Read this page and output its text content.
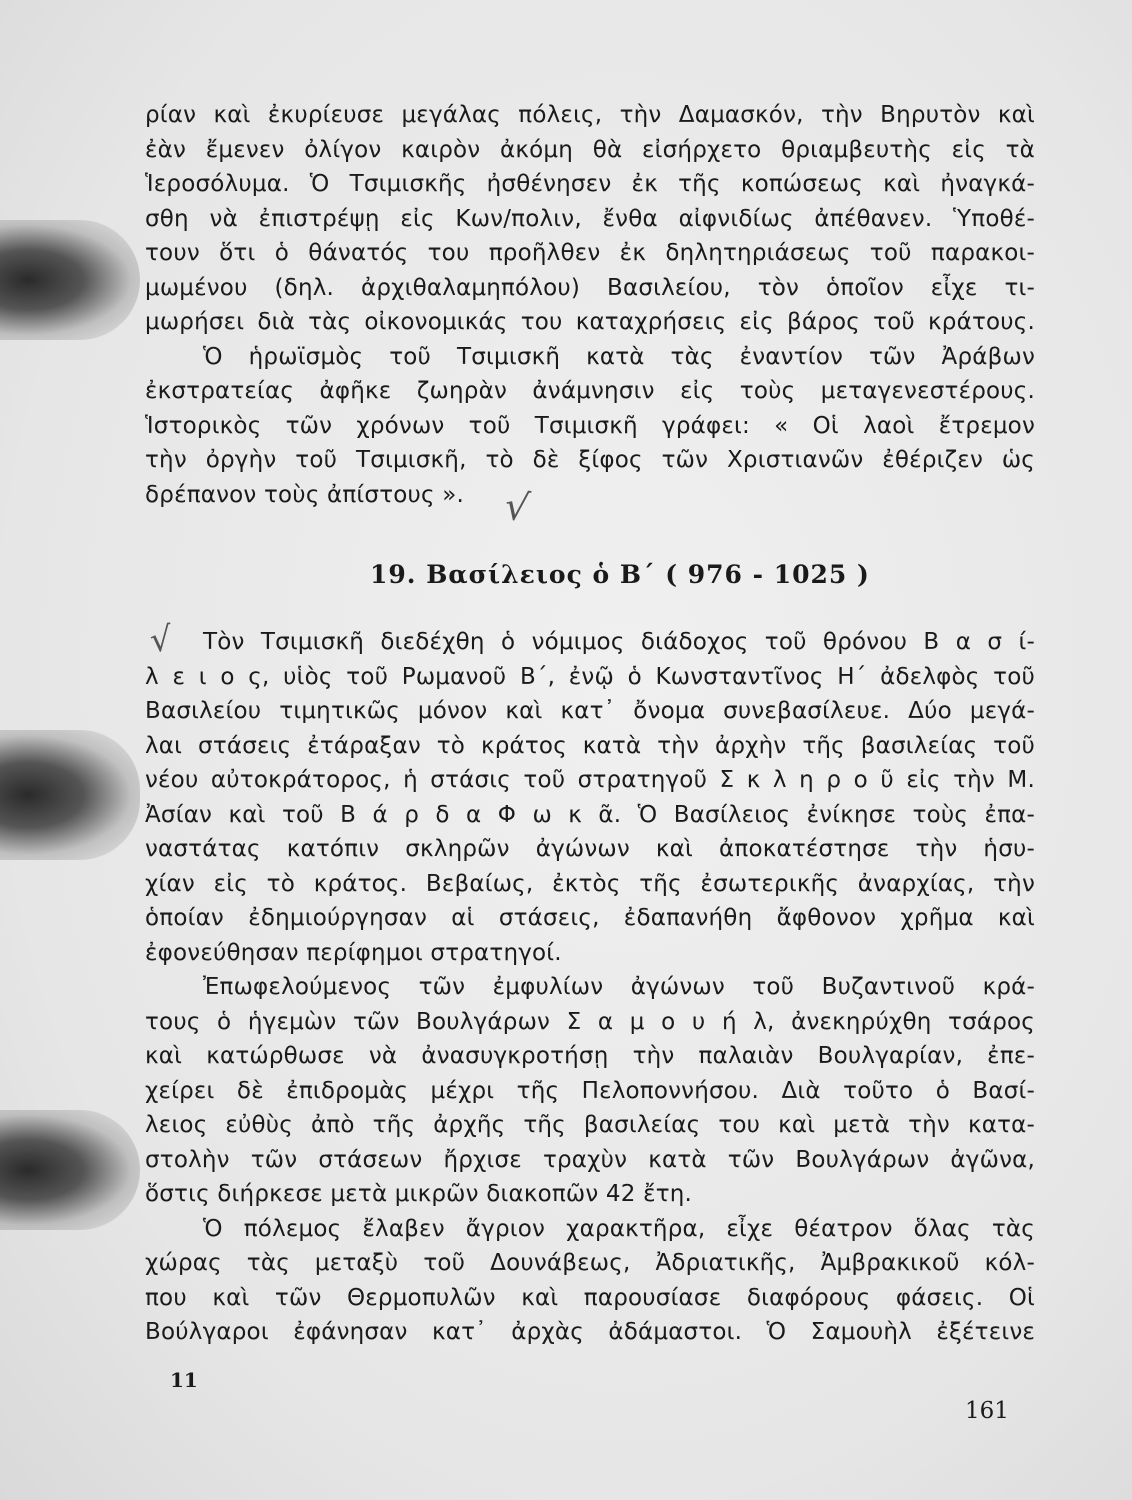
ρίαν καὶ ἐκυρίευσε μεγάλας πόλεις, τὴν Δαμασκόν, τὴν Βηρυτὸν καὶ
ἐὰν ἔμενεν ὀλίγον καιρὸν ἀκόμη θὰ εἰσήρχετο θριαμβευτὴς εἰς τὰ
Ἱεροσόλυμα. Ὁ Τσιμισκῆς ἠσθένησεν ἐκ τῆς κοπώσεως καὶ ἠναγκά-
σθη νὰ ἐπιστρέψῃ εἰς Κων/πολιν, ἔνθα αἰφνιδίως ἀπέθανεν. Ὑποθέ-
τουν ὅτι ὁ θάνατός του προῆλθεν ἐκ δηλητηριάσεως τοῦ παρακοι-
μωμένου (δηλ. ἀρχιθαλαμηπόλου) Βασιλείου, τὸν ὁποῖον εἶχε τι-
μωρήσει διὰ τὰς οἰκονομικάς του καταχρήσεις εἰς βάρος τοῦ κράτους.
Ὁ ἡρωϊσμὸς τοῦ Τσιμισκῆ κατὰ τὰς ἐναντίον τῶν Ἀράβων
ἐκστρατείας ἀφῆκε ζωηρὰν ἀνάμνησιν εἰς τοὺς μεταγενεστέρους.
Ἱστορικὸς τῶν χρόνων τοῦ Τσιμισκῆ γράφει: « Οἱ λαοὶ ἔτρεμον
τὴν ὀργὴν τοῦ Τσιμισκῆ, τὸ δὲ ξίφος τῶν Χριστιανῶν ἐθέριζεν ὡς
δρέπανον τοὺς ἀπίστους ».	√
19. Βασίλειος ὁ Β΄ ( 976 - 1025 )
√	Τὸν Τσιμισκῆ διεδέχθη ὁ νόμιμος διάδοχος τοῦ θρόνου Β α σ ί-
λ ε ι ο ς, υἱὸς τοῦ Ρωμανοῦ Β΄, ἐνῷ ὁ Κωνσταντῖνος Η΄ ἀδελφὸς τοῦ
Βασιλείου τιμητικῶς μόνον καὶ κατ᾿ ὄνομα συνεβασίλευε. Δύο μεγά-
λαι στάσεις ἐτάραξαν τὸ κράτος κατὰ τὴν ἀρχὴν τῆς βασιλείας τοῦ
νέου αὐτοκράτορος, ἡ στάσις τοῦ στρατηγοῦ Σ κ λ η ρ ο ῦ εἰς τὴν Μ.
Ἀσίαν καὶ τοῦ Β ά ρ δ α Φ ω κ ᾶ. Ὁ Βασίλειος ἐνίκησε τοὺς ἐπα-
ναστάτας κατόπιν σκληρῶν ἀγώνων καὶ ἀποκατέστησε τὴν ἡσυ-
χίαν εἰς τὸ κράτος. Βεβαίως, ἐκτὸς τῆς ἐσωτερικῆς ἀναρχίας, τὴν
ὁποίαν ἐδημιούργησαν αἱ στάσεις, ἐδαπανήθη ἄφθονον χρῆμα καὶ
ἐφονεύθησαν περίφημοι στρατηγοί.
Ἐπωφελούμενος τῶν ἐμφυλίων ἀγώνων τοῦ Βυζαντινοῦ κρά-
τους ὁ ἡγεμὼν τῶν Βουλγάρων Σ α μ ο υ ή λ, ἀνεκηρύχθη τσάρος
καὶ κατώρθωσε νὰ ἀνασυγκροτήσῃ τὴν παλαιὰν Βουλγαρίαν, ἐπε-
χείρει δὲ ἐπιδρομὰς μέχρι τῆς Πελοποννήσου. Διὰ τοῦτο ὁ Βασί-
λειος εὐθὺς ἀπὸ τῆς ἀρχῆς τῆς βασιλείας του καὶ μετὰ τὴν κατα-
στολὴν τῶν στάσεων ἤρχισε τραχὺν κατὰ τῶν Βουλγάρων ἀγῶνα,
ὅστις διήρκεσε μετὰ μικρῶν διακοπῶν 42 ἔτη.
Ὁ πόλεμος ἔλαβεν ἄγριον χαρακτῆρα, εἶχε θέατρον ὅλας τὰς
χώρας τὰς μεταξὺ τοῦ Δουνάβεως, Ἀδριατικῆς, Ἀμβρακικοῦ κόλ-
που καὶ τῶν Θερμοπυλῶν καὶ παρουσίασε διαφόρους φάσεις. Οἱ
Βούλγαροι ἐφάνησαν κατ᾿ ἀρχὰς ἀδάμαστοι. Ὁ Σαμουὴλ ἐξέτεινε
11
161
